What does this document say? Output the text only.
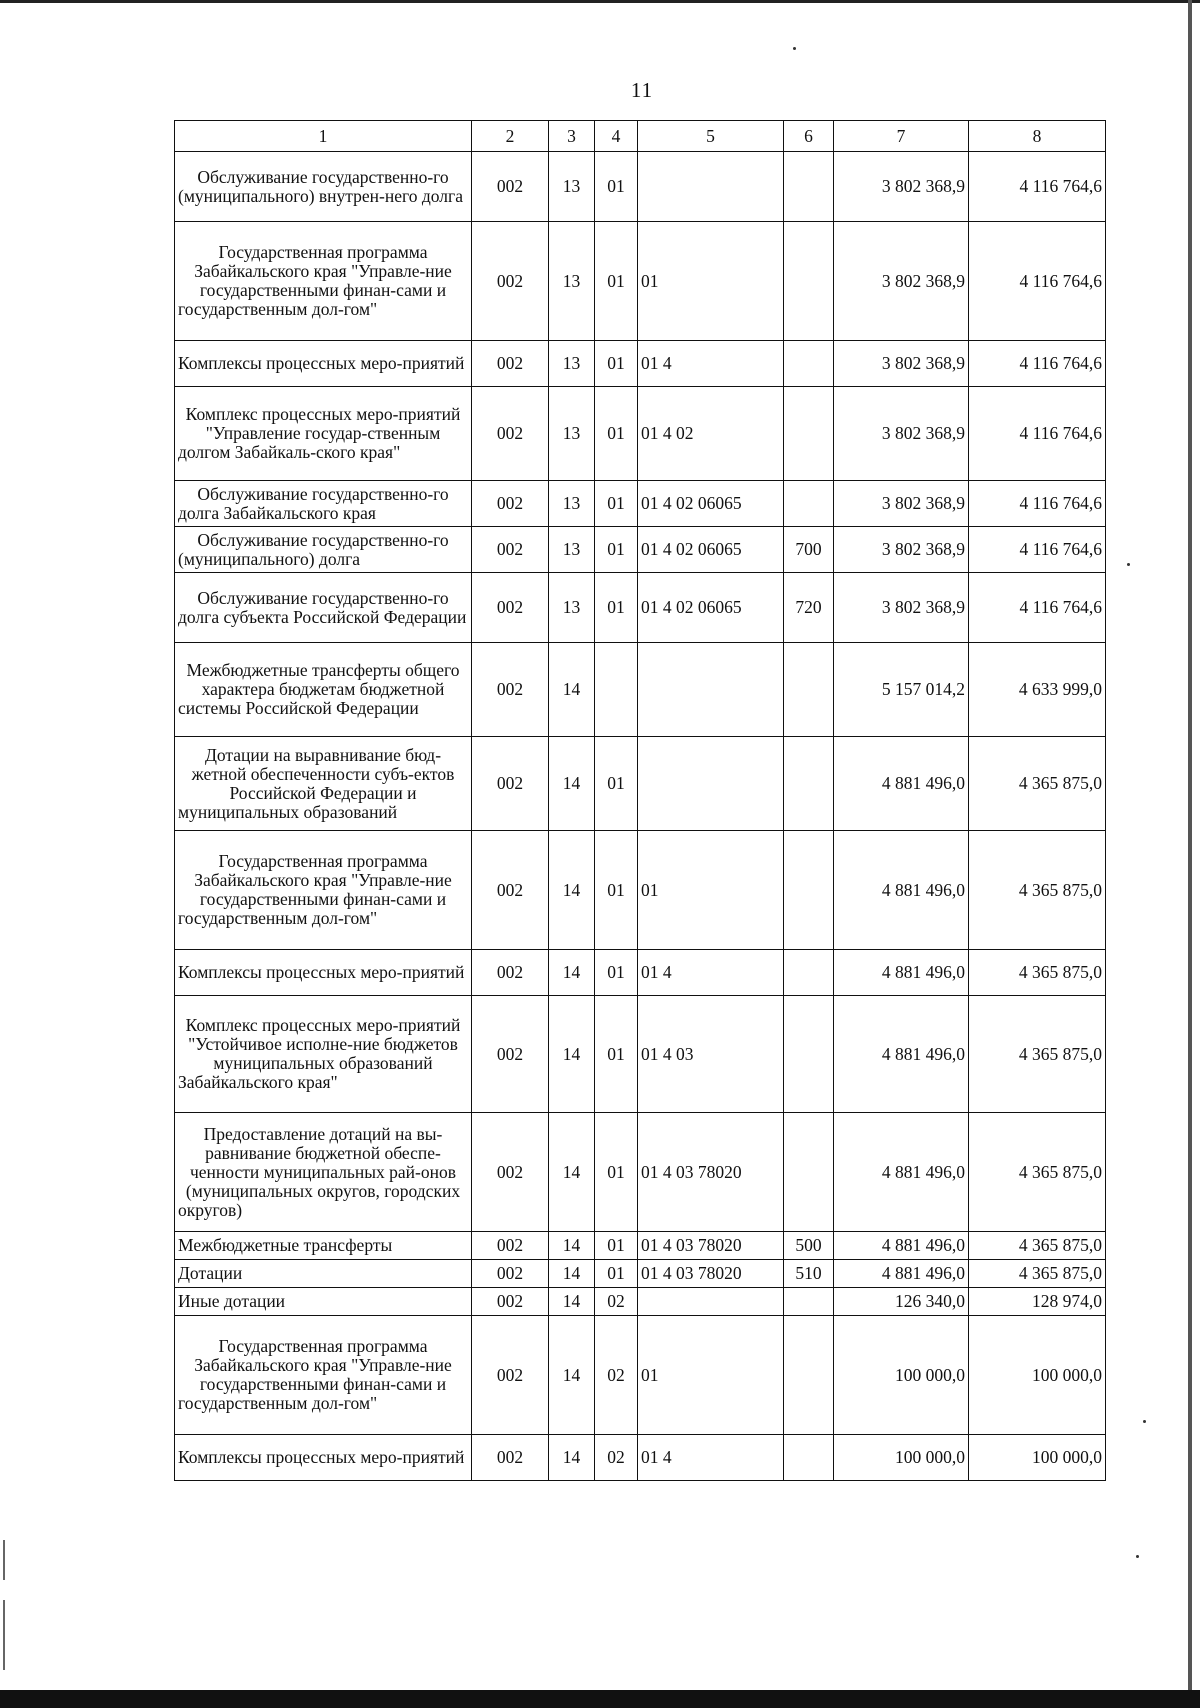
11
1	2	3	4	5	6	7	8
Обслуживание государственно-го (муниципального) внутрен-него долга	002	13	01			3 802 368,9	4 116 764,6
Государственная программа Забайкальского края "Управле-ние государственными финан-сами и государственным дол-гом"	002	13	01	01		3 802 368,9	4 116 764,6
Комплексы процессных меро-приятий	002	13	01	01 4		3 802 368,9	4 116 764,6
Комплекс процессных меро-приятий "Управление государ-ственным долгом Забайкаль-ского края"	002	13	01	01 4 02		3 802 368,9	4 116 764,6
Обслуживание государственно-го долга Забайкальского края	002	13	01	01 4 02 06065		3 802 368,9	4 116 764,6
Обслуживание государственно-го (муниципального) долга	002	13	01	01 4 02 06065	700	3 802 368,9	4 116 764,6
Обслуживание государственно-го долга субъекта Российской Федерации	002	13	01	01 4 02 06065	720	3 802 368,9	4 116 764,6
Межбюджетные трансферты общего характера бюджетам бюджетной системы Российской Федерации	002	14				5 157 014,2	4 633 999,0
Дотации на выравнивание бюд-жетной обеспеченности субъ-ектов Российской Федерации и муниципальных образований	002	14	01			4 881 496,0	4 365 875,0
Государственная программа Забайкальского края "Управле-ние государственными финан-сами и государственным дол-гом"	002	14	01	01		4 881 496,0	4 365 875,0
Комплексы процессных меро-приятий	002	14	01	01 4		4 881 496,0	4 365 875,0
Комплекс процессных меро-приятий "Устойчивое исполне-ние бюджетов муниципальных образований Забайкальского края"	002	14	01	01 4 03		4 881 496,0	4 365 875,0
Предоставление дотаций на вы-равнивание бюджетной обеспе-ченности муниципальных рай-онов (муниципальных округов, городских округов)	002	14	01	01 4 03 78020		4 881 496,0	4 365 875,0
Межбюджетные трансферты	002	14	01	01 4 03 78020	500	4 881 496,0	4 365 875,0
Дотации	002	14	01	01 4 03 78020	510	4 881 496,0	4 365 875,0
Иные дотации	002	14	02			126 340,0	128 974,0
Государственная программа Забайкальского края "Управле-ние государственными финан-сами и государственным дол-гом"	002	14	02	01		100 000,0	100 000,0
Комплексы процессных меро-приятий	002	14	02	01 4		100 000,0	100 000,0
